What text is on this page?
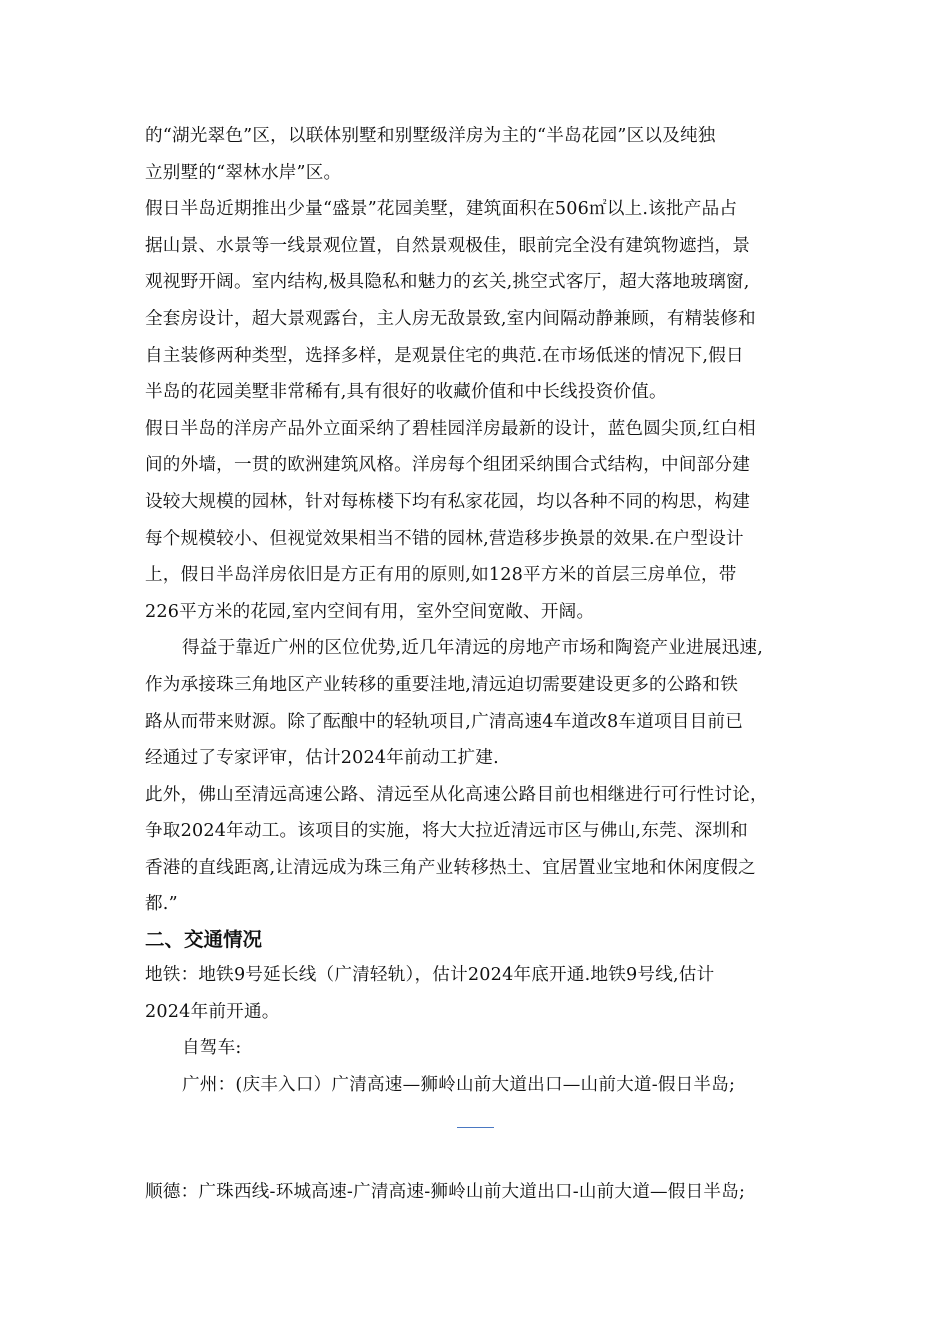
的“湖光翠色”区，以联体别墅和别墅级洋房为主的“半岛花园”区以及纯独
立别墅的“翠林水岸”区。

假日半岛近期推出少量“盛景”花园美墅，建筑面积在506㎡以上.该批产品占
据山景、水景等一线景观位置，自然景观极佳，眼前完全没有建筑物遮挡，景
观视野开阔。室内结构,极具隐私和魅力的玄关,挑空式客厅，超大落地玻璃窗,
全套房设计，超大景观露台，主人房无敌景致,室内间隔动静兼顾，有精装修和
自主装修两种类型，选择多样，是观景住宅的典范.在市场低迷的情况下,假日
半岛的花园美墅非常稀有,具有很好的收藏价值和中长线投资价值。

假日半岛的洋房产品外立面采纳了碧桂园洋房最新的设计，蓝色圆尖顶,红白相
间的外墙，一贯的欧洲建筑风格。洋房每个组团采纳围合式结构，中间部分建
设较大规模的园林，针对每栋楼下均有私家花园，均以各种不同的构思，构建
每个规模较小、但视觉效果相当不错的园林,营造移步换景的效果.在户型设计
上，假日半岛洋房依旧是方正有用的原则,如128平方米的首层三房单位，带
226平方米的花园,室内空间有用，室外空间宽敞、开阔。

得益于靠近广州的区位优势,近几年清远的房地产市场和陶瓷产业进展迅速,
作为承接珠三角地区产业转移的重要洼地,清远迫切需要建设更多的公路和铁
路从而带来财源。除了酝酿中的轻轨项目,广清高速4车道改8车道项目目前已
经通过了专家评审，估计2024年前动工扩建.

此外，佛山至清远高速公路、清远至从化高速公路目前也相继进行可行性讨论，
争取2024年动工。该项目的实施，将大大拉近清远市区与佛山,东莞、深圳和
香港的直线距离,让清远成为珠三角产业转移热土、宜居置业宝地和休闲度假之
都.”

二、交通情况

地铁：地铁9号延长线（广清轻轨），估计2024年底开通.地铁9号线,估计
2024年前开通。

自驾车:

广州：(庆丰入口）广清高速—狮岭山前大道出口—山前大道-假日半岛;

顺德：广珠西线-环城高速-广清高速-狮岭山前大道出口-山前大道—假日半岛;
